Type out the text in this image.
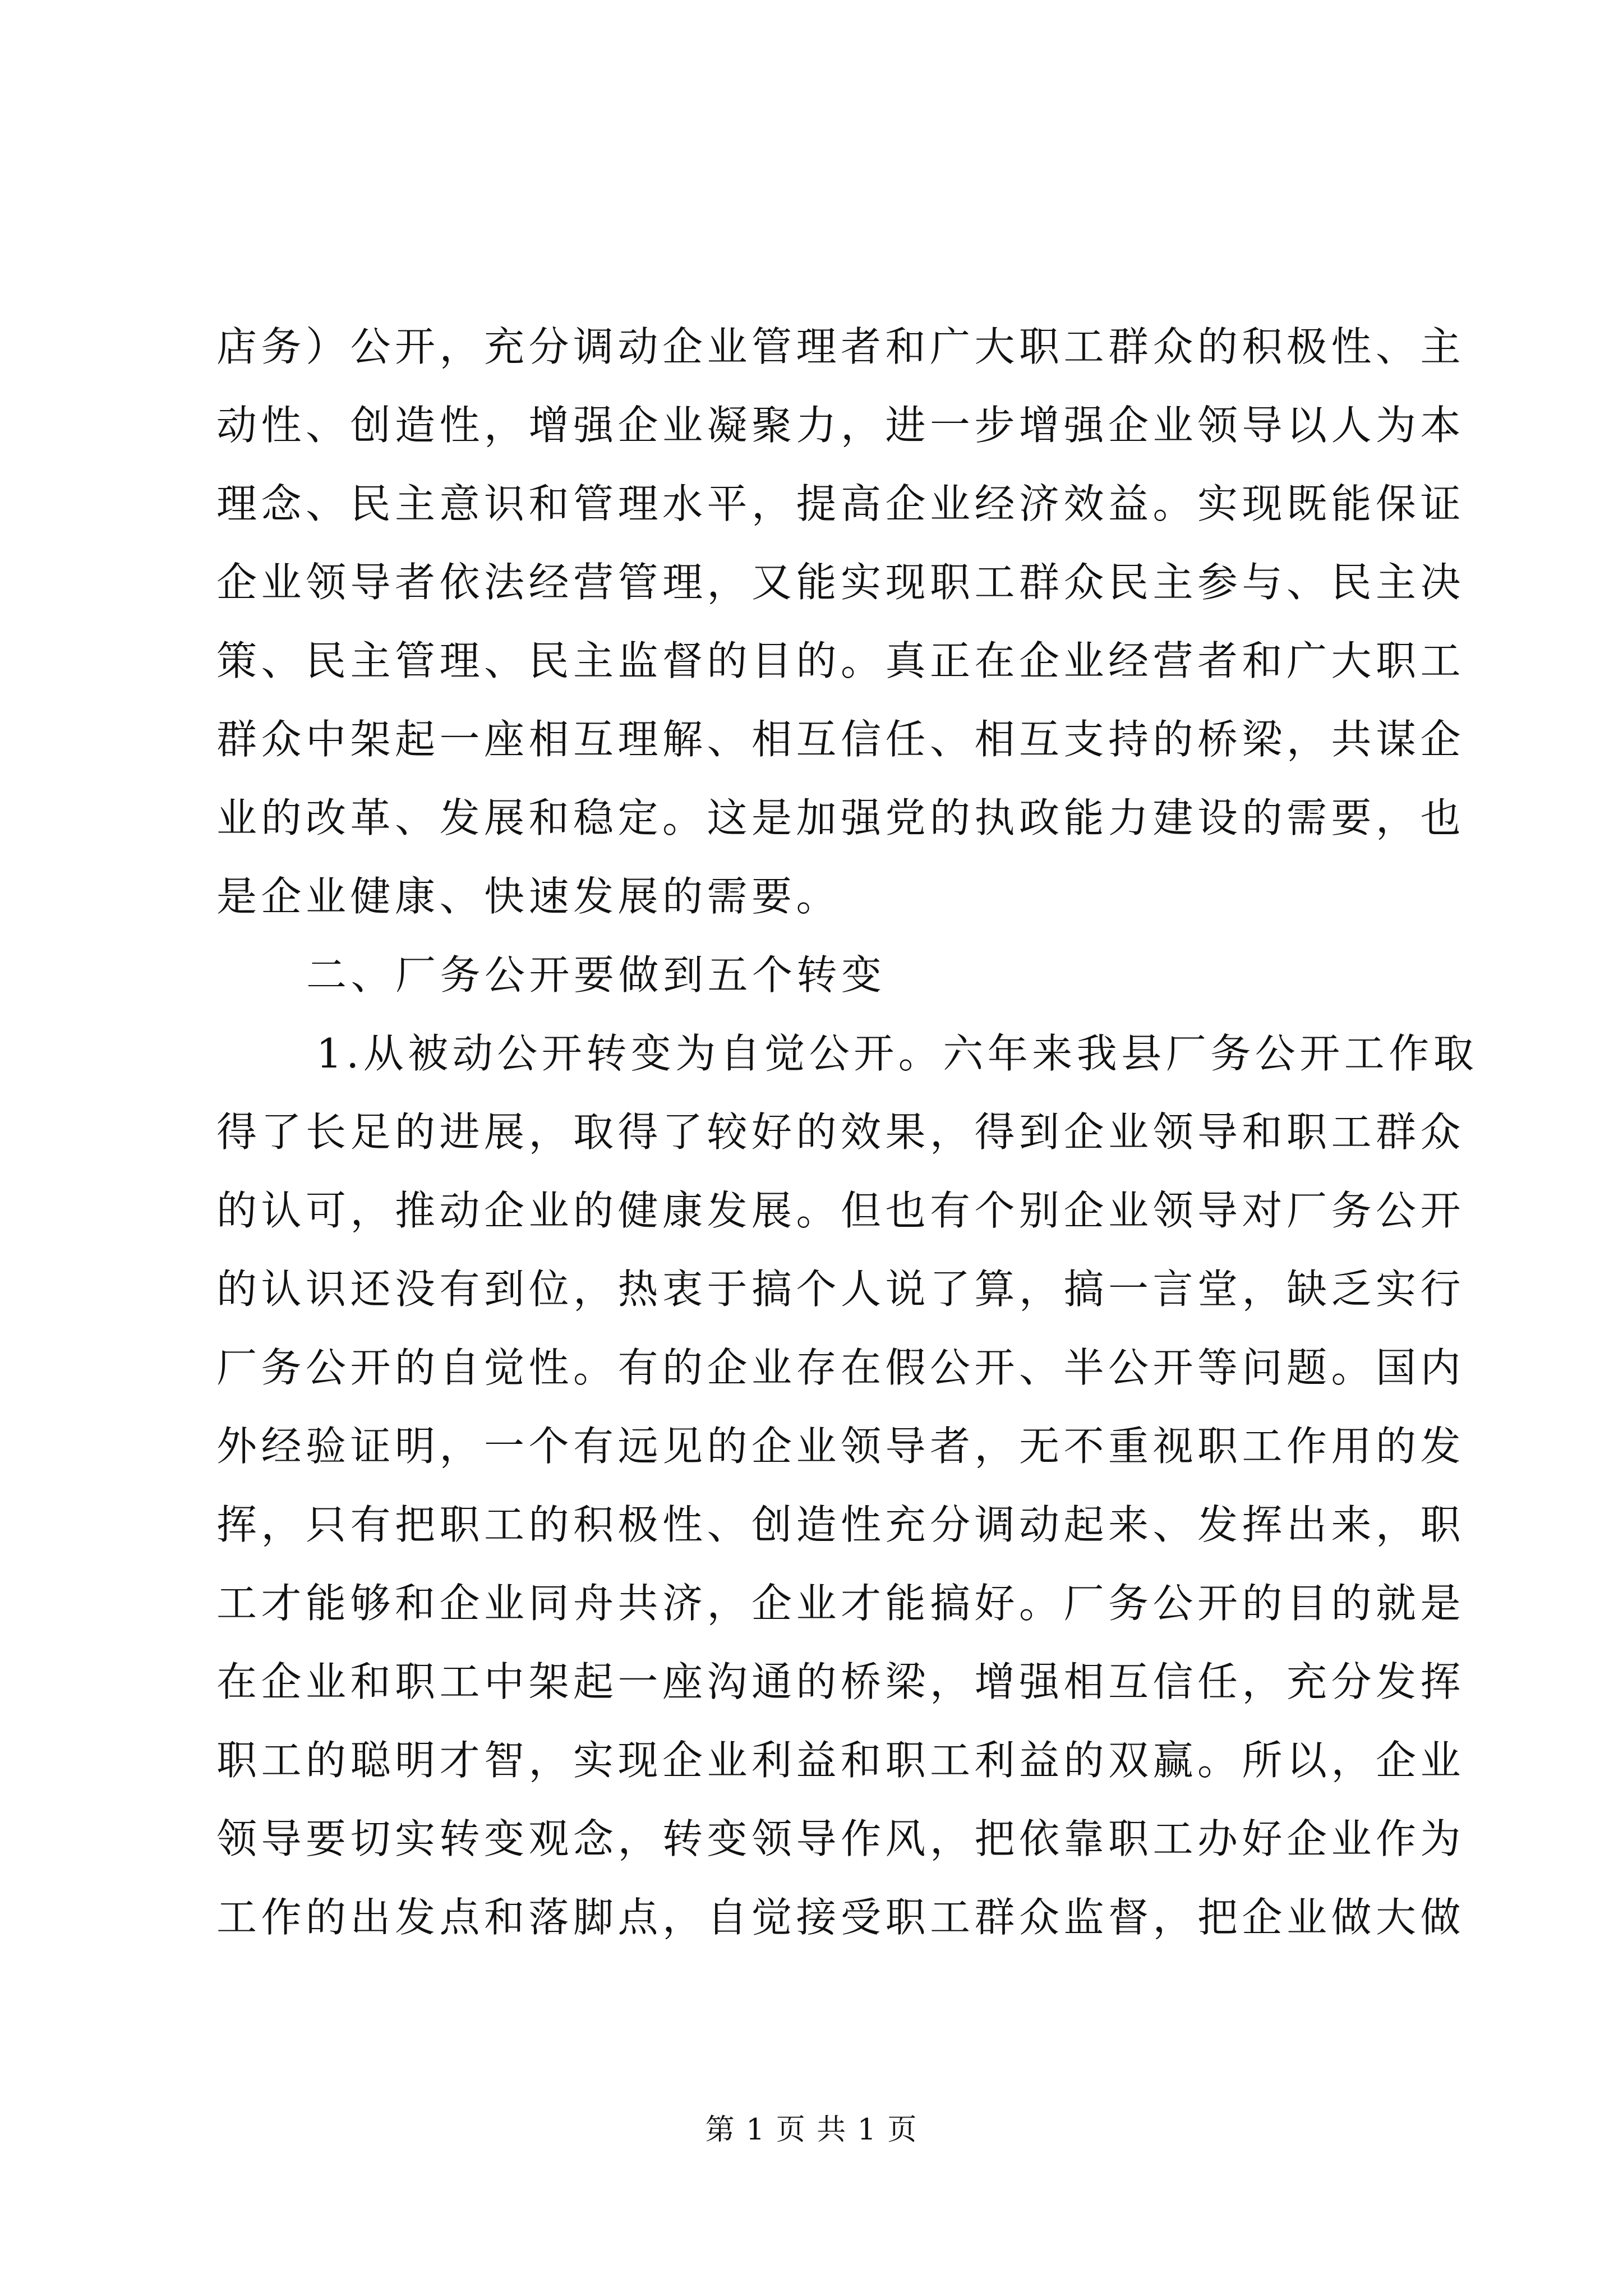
店务）公开，充分调动企业管理者和广大职工群众的积极性、主
动性、创造性，增强企业凝聚力，进一步增强企业领导以人为本
理念、民主意识和管理水平，提高企业经济效益。实现既能保证
企业领导者依法经营管理，又能实现职工群众民主参与、民主决
策、民主管理、民主监督的目的。真正在企业经营者和广大职工
群众中架起一座相互理解、相互信任、相互支持的桥梁，共谋企
业的改革、发展和稳定。这是加强党的执政能力建设的需要，也
是企业健康、快速发展的需要。
二、厂务公开要做到五个转变
1.从被动公开转变为自觉公开。六年来我县厂务公开工作取
得了长足的进展，取得了较好的效果，得到企业领导和职工群众
的认可，推动企业的健康发展。但也有个别企业领导对厂务公开
的认识还没有到位，热衷于搞个人说了算，搞一言堂，缺乏实行
厂务公开的自觉性。有的企业存在假公开、半公开等问题。国内
外经验证明，一个有远见的企业领导者，无不重视职工作用的发
挥，只有把职工的积极性、创造性充分调动起来、发挥出来，职
工才能够和企业同舟共济，企业才能搞好。厂务公开的目的就是
在企业和职工中架起一座沟通的桥梁，增强相互信任，充分发挥
职工的聪明才智，实现企业利益和职工利益的双赢。所以，企业
领导要切实转变观念，转变领导作风，把依靠职工办好企业作为
工作的出发点和落脚点，自觉接受职工群众监督，把企业做大做
第 1 页 共 1 页
